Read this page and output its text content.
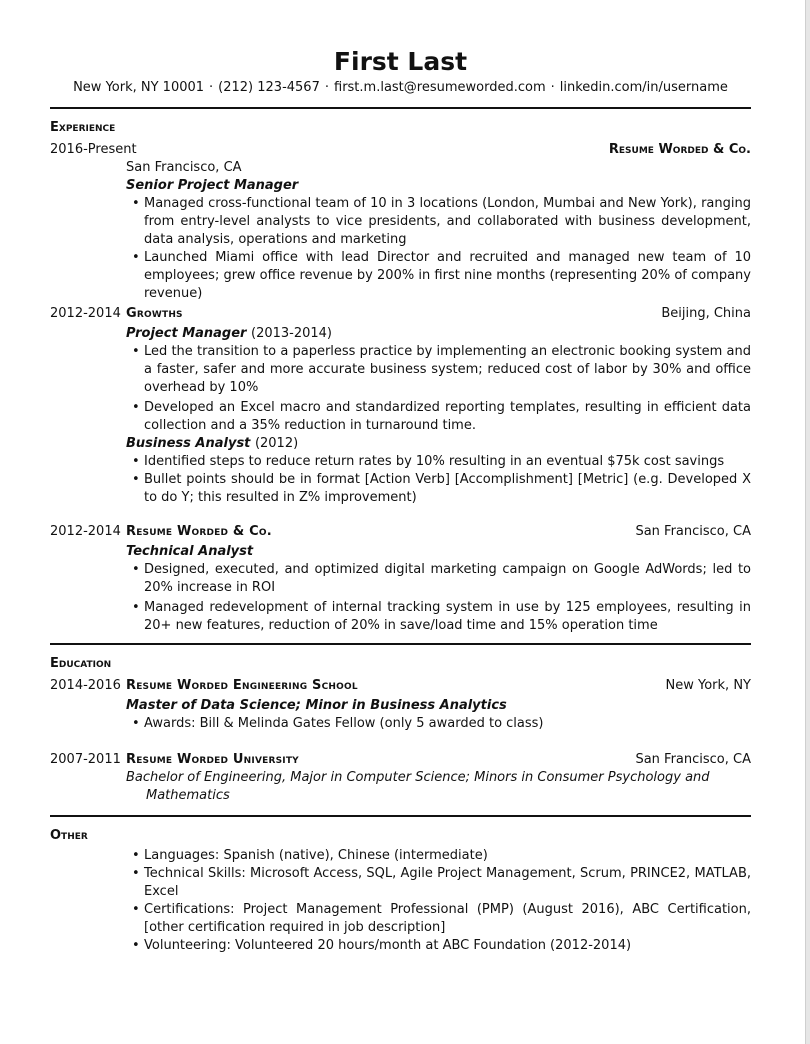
First Last
New York, NY 10001 · (212) 123-4567 · first.m.last@resumeworded.com · linkedin.com/in/username
Experience
2016-Present	Resume Worded & Co.
San Francisco, CA
Senior Project Manager
• Managed cross-functional team of 10 in 3 locations (London, Mumbai and New York), ranging from entry-level analysts to vice presidents, and collaborated with business development, data analysis, operations and marketing
• Launched Miami office with lead Director and recruited and managed new team of 10 employees; grew office revenue by 200% in first nine months (representing 20% of company revenue)
2012-2014 Growths	Beijing, China
Project Manager (2013-2014)
• Led the transition to a paperless practice by implementing an electronic booking system and a faster, safer and more accurate business system; reduced cost of labor by 30% and office overhead by 10%
• Developed an Excel macro and standardized reporting templates, resulting in efficient data collection and a 35% reduction in turnaround time.
Business Analyst (2012)
• Identified steps to reduce return rates by 10% resulting in an eventual $75k cost savings
• Bullet points should be in format [Action Verb] [Accomplishment] [Metric] (e.g. Developed X to do Y; this resulted in Z% improvement)
2012-2014 Resume Worded & Co.	San Francisco, CA
Technical Analyst
• Designed, executed, and optimized digital marketing campaign on Google AdWords; led to 20% increase in ROI
• Managed redevelopment of internal tracking system in use by 125 employees, resulting in 20+ new features, reduction of 20% in save/load time and 15% operation time
Education
2014-2016 Resume Worded Engineering School	New York, NY
Master of Data Science; Minor in Business Analytics
• Awards: Bill & Melinda Gates Fellow (only 5 awarded to class)
2007-2011 Resume Worded University	San Francisco, CA
Bachelor of Engineering, Major in Computer Science; Minors in Consumer Psychology and Mathematics
Other
• Languages: Spanish (native), Chinese (intermediate)
• Technical Skills: Microsoft Access, SQL, Agile Project Management, Scrum, PRINCE2, MATLAB, Excel
• Certifications: Project Management Professional (PMP) (August 2016), ABC Certification, [other certification required in job description]
• Volunteering: Volunteered 20 hours/month at ABC Foundation (2012-2014)
